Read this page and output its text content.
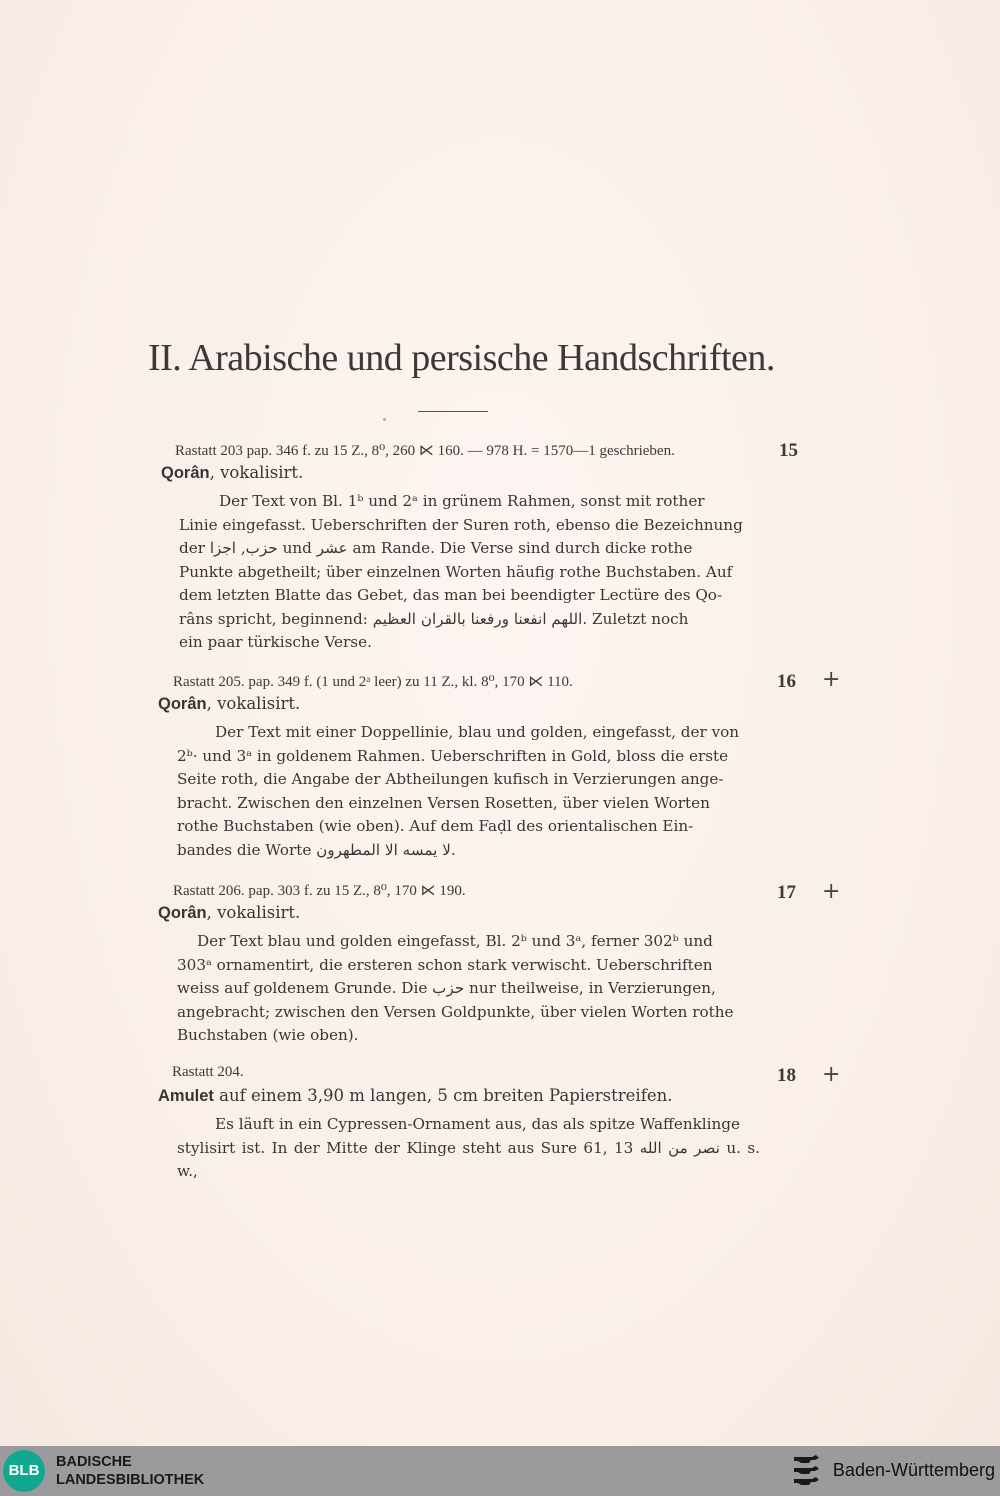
II. Arabische und persische Handschriften.
Rastatt 203 pap. 346 f. zu 15 Z., 8⁰, 260 ⋉ 160. — 978 H. = 1570—1 geschrieben.
Qorân, vokalisirt.

Der Text von Bl. 1ᵇ und 2ᵃ in grünem Rahmen, sonst mit rother

Linie eingefasst. Ueberschriften der Suren roth, ebenso die Bezeichnung

der حزب, اجزا und عشر am Rande. Die Verse sind durch dicke rothe

Punkte abgetheilt; über einzelnen Worten häufig rothe Buchstaben. Auf

dem letzten Blatte das Gebet, das man bei beendigter Lectüre des Qo-

râns spricht, beginnend: اللهم انفعنا ورفعنا بالقران العظيم. Zuletzt noch

ein paar türkische Verse.

15
Rastatt 205. pap. 349 f. (1 und 2ᵃ leer) zu 11 Z., kl. 8⁰, 170 ⋉ 110.
Qorân, vokalisirt.

Der Text mit einer Doppellinie, blau und golden, eingefasst, der von

2ᵇ· und 3ᵃ in goldenem Rahmen. Ueberschriften in Gold, bloss die erste

Seite roth, die Angabe der Abtheilungen kufisch in Verzierungen ange-

bracht. Zwischen den einzelnen Versen Rosetten, über vielen Worten

rothe Buchstaben (wie oben). Auf dem Faḍl des orientalischen Ein-

bandes die Worte لا يمسه الا المطهرون.

16 +
Rastatt 206. pap. 303 f. zu 15 Z., 8⁰, 170 ⋉ 190.
Qorân, vokalisirt.

Der Text blau und golden eingefasst, Bl. 2ᵇ und 3ᵃ, ferner 302ᵇ und

303ᵃ ornamentirt, die ersteren schon stark verwischt. Ueberschriften

weiss auf goldenem Grunde. Die حزب nur theilweise, in Verzierungen,

angebracht; zwischen den Versen Goldpunkte, über vielen Worten rothe

Buchstaben (wie oben).

17 +
Rastatt 204.
Amulet auf einem 3,90 m langen, 5 cm breiten Papierstreifen.

Es läuft in ein Cypressen-Ornament aus, das als spitze Waffenklinge

stylisirt ist. In der Mitte der Klinge steht aus Sure 61, 13 نصر من الله u. s. w.,

18 +
BLB	BADISCHE
LANDESBIBLIOTHEK	Baden-Württemberg
